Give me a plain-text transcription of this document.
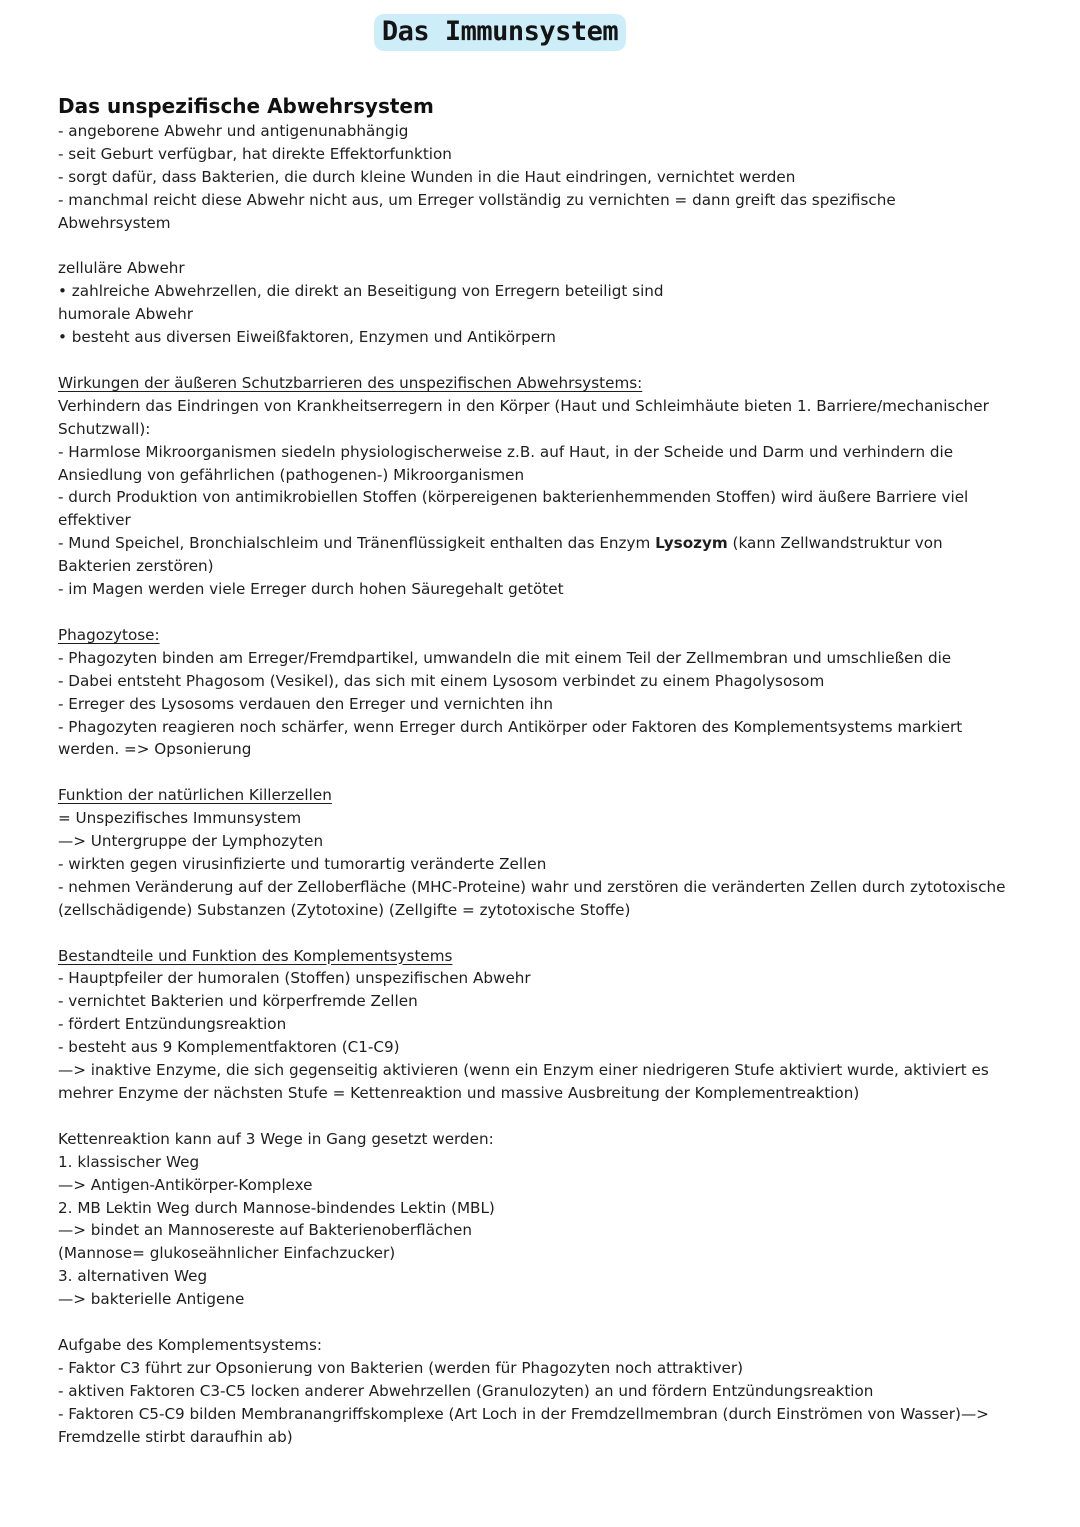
Das Immunsystem
Das unspezifische Abwehrsystem
- angeborene Abwehr und antigenunabhängig
- seit Geburt verfügbar, hat direkte Effektorfunktion
- sorgt dafür, dass Bakterien, die durch kleine Wunden in die Haut eindringen, vernichtet werden
- manchmal reicht diese Abwehr nicht aus, um Erreger vollständig zu vernichten = dann greift das spezifische
Abwehrsystem
zelluläre Abwehr
• zahlreiche Abwehrzellen, die direkt an Beseitigung von Erregern beteiligt sind
humorale Abwehr
• besteht aus diversen Eiweißfaktoren, Enzymen und Antikörpern
Wirkungen der äußeren Schutzbarrieren des unspezifischen Abwehrsystems:
Verhindern das Eindringen von Krankheitserregern in den Körper (Haut und Schleimhäute bieten 1. Barriere/mechanischer
Schutzwall):
- Harmlose Mikroorganismen siedeln physiologischerweise z.B. auf Haut, in der Scheide und Darm und verhindern die
Ansiedlung von gefährlichen (pathogenen-) Mikroorganismen
- durch Produktion von antimikrobiellen Stoffen (körpereigenen bakterienhemmenden Stoffen) wird äußere Barriere viel
effektiver
- Mund Speichel, Bronchialschleim und Tränenflüssigkeit enthalten das Enzym Lysozym (kann Zellwandstruktur von
Bakterien zerstören)
- im Magen werden viele Erreger durch hohen Säuregehalt getötet
Phagozytose:
- Phagozyten binden am Erreger/Fremdpartikel, umwandeln die mit einem Teil der Zellmembran und umschließen die
- Dabei entsteht Phagosom (Vesikel), das sich mit einem Lysosom verbindet zu einem Phagolysosom
- Erreger des Lysosoms verdauen den Erreger und vernichten ihn
- Phagozyten reagieren noch schärfer, wenn Erreger durch Antikörper oder Faktoren des Komplementsystems markiert
werden. => Opsonierung
Funktion der natürlichen Killerzellen
= Unspezifisches Immunsystem
—> Untergruppe der Lymphozyten
- wirkten gegen virusinfizierte und tumorartig veränderte Zellen
- nehmen Veränderung auf der Zelloberfläche (MHC-Proteine) wahr und zerstören die veränderten Zellen durch zytotoxische
(zellschädigende) Substanzen (Zytotoxine) (Zellgifte = zytotoxische Stoffe)
Bestandteile und Funktion des Komplementsystems
- Hauptpfeiler der humoralen (Stoffen) unspezifischen Abwehr
- vernichtet Bakterien und körperfremde Zellen
- fördert Entzündungsreaktion
- besteht aus 9 Komplementfaktoren (C1-C9)
—> inaktive Enzyme, die sich gegenseitig aktivieren (wenn ein Enzym einer niedrigeren Stufe aktiviert wurde, aktiviert es
mehrer Enzyme der nächsten Stufe = Kettenreaktion und massive Ausbreitung der Komplementreaktion)
Kettenreaktion kann auf 3 Wege in Gang gesetzt werden:
1. klassischer Weg
—> Antigen-Antikörper-Komplexe
2. MB Lektin Weg durch Mannose-bindendes Lektin (MBL)
—> bindet an Mannosereste auf Bakterienoberflächen
(Mannose= glukoseähnlicher Einfachzucker)
3. alternativen Weg
—> bakterielle Antigene
Aufgabe des Komplementsystems:
- Faktor C3 führt zur Opsonierung von Bakterien (werden für Phagozyten noch attraktiver)
- aktiven Faktoren C3-C5 locken anderer Abwehrzellen (Granulozyten) an und fördern Entzündungsreaktion
- Faktoren C5-C9 bilden Membranangriffskomplexe (Art Loch in der Fremdzellmembran (durch Einströmen von Wasser)—>
Fremdzelle stirbt daraufhin ab)
